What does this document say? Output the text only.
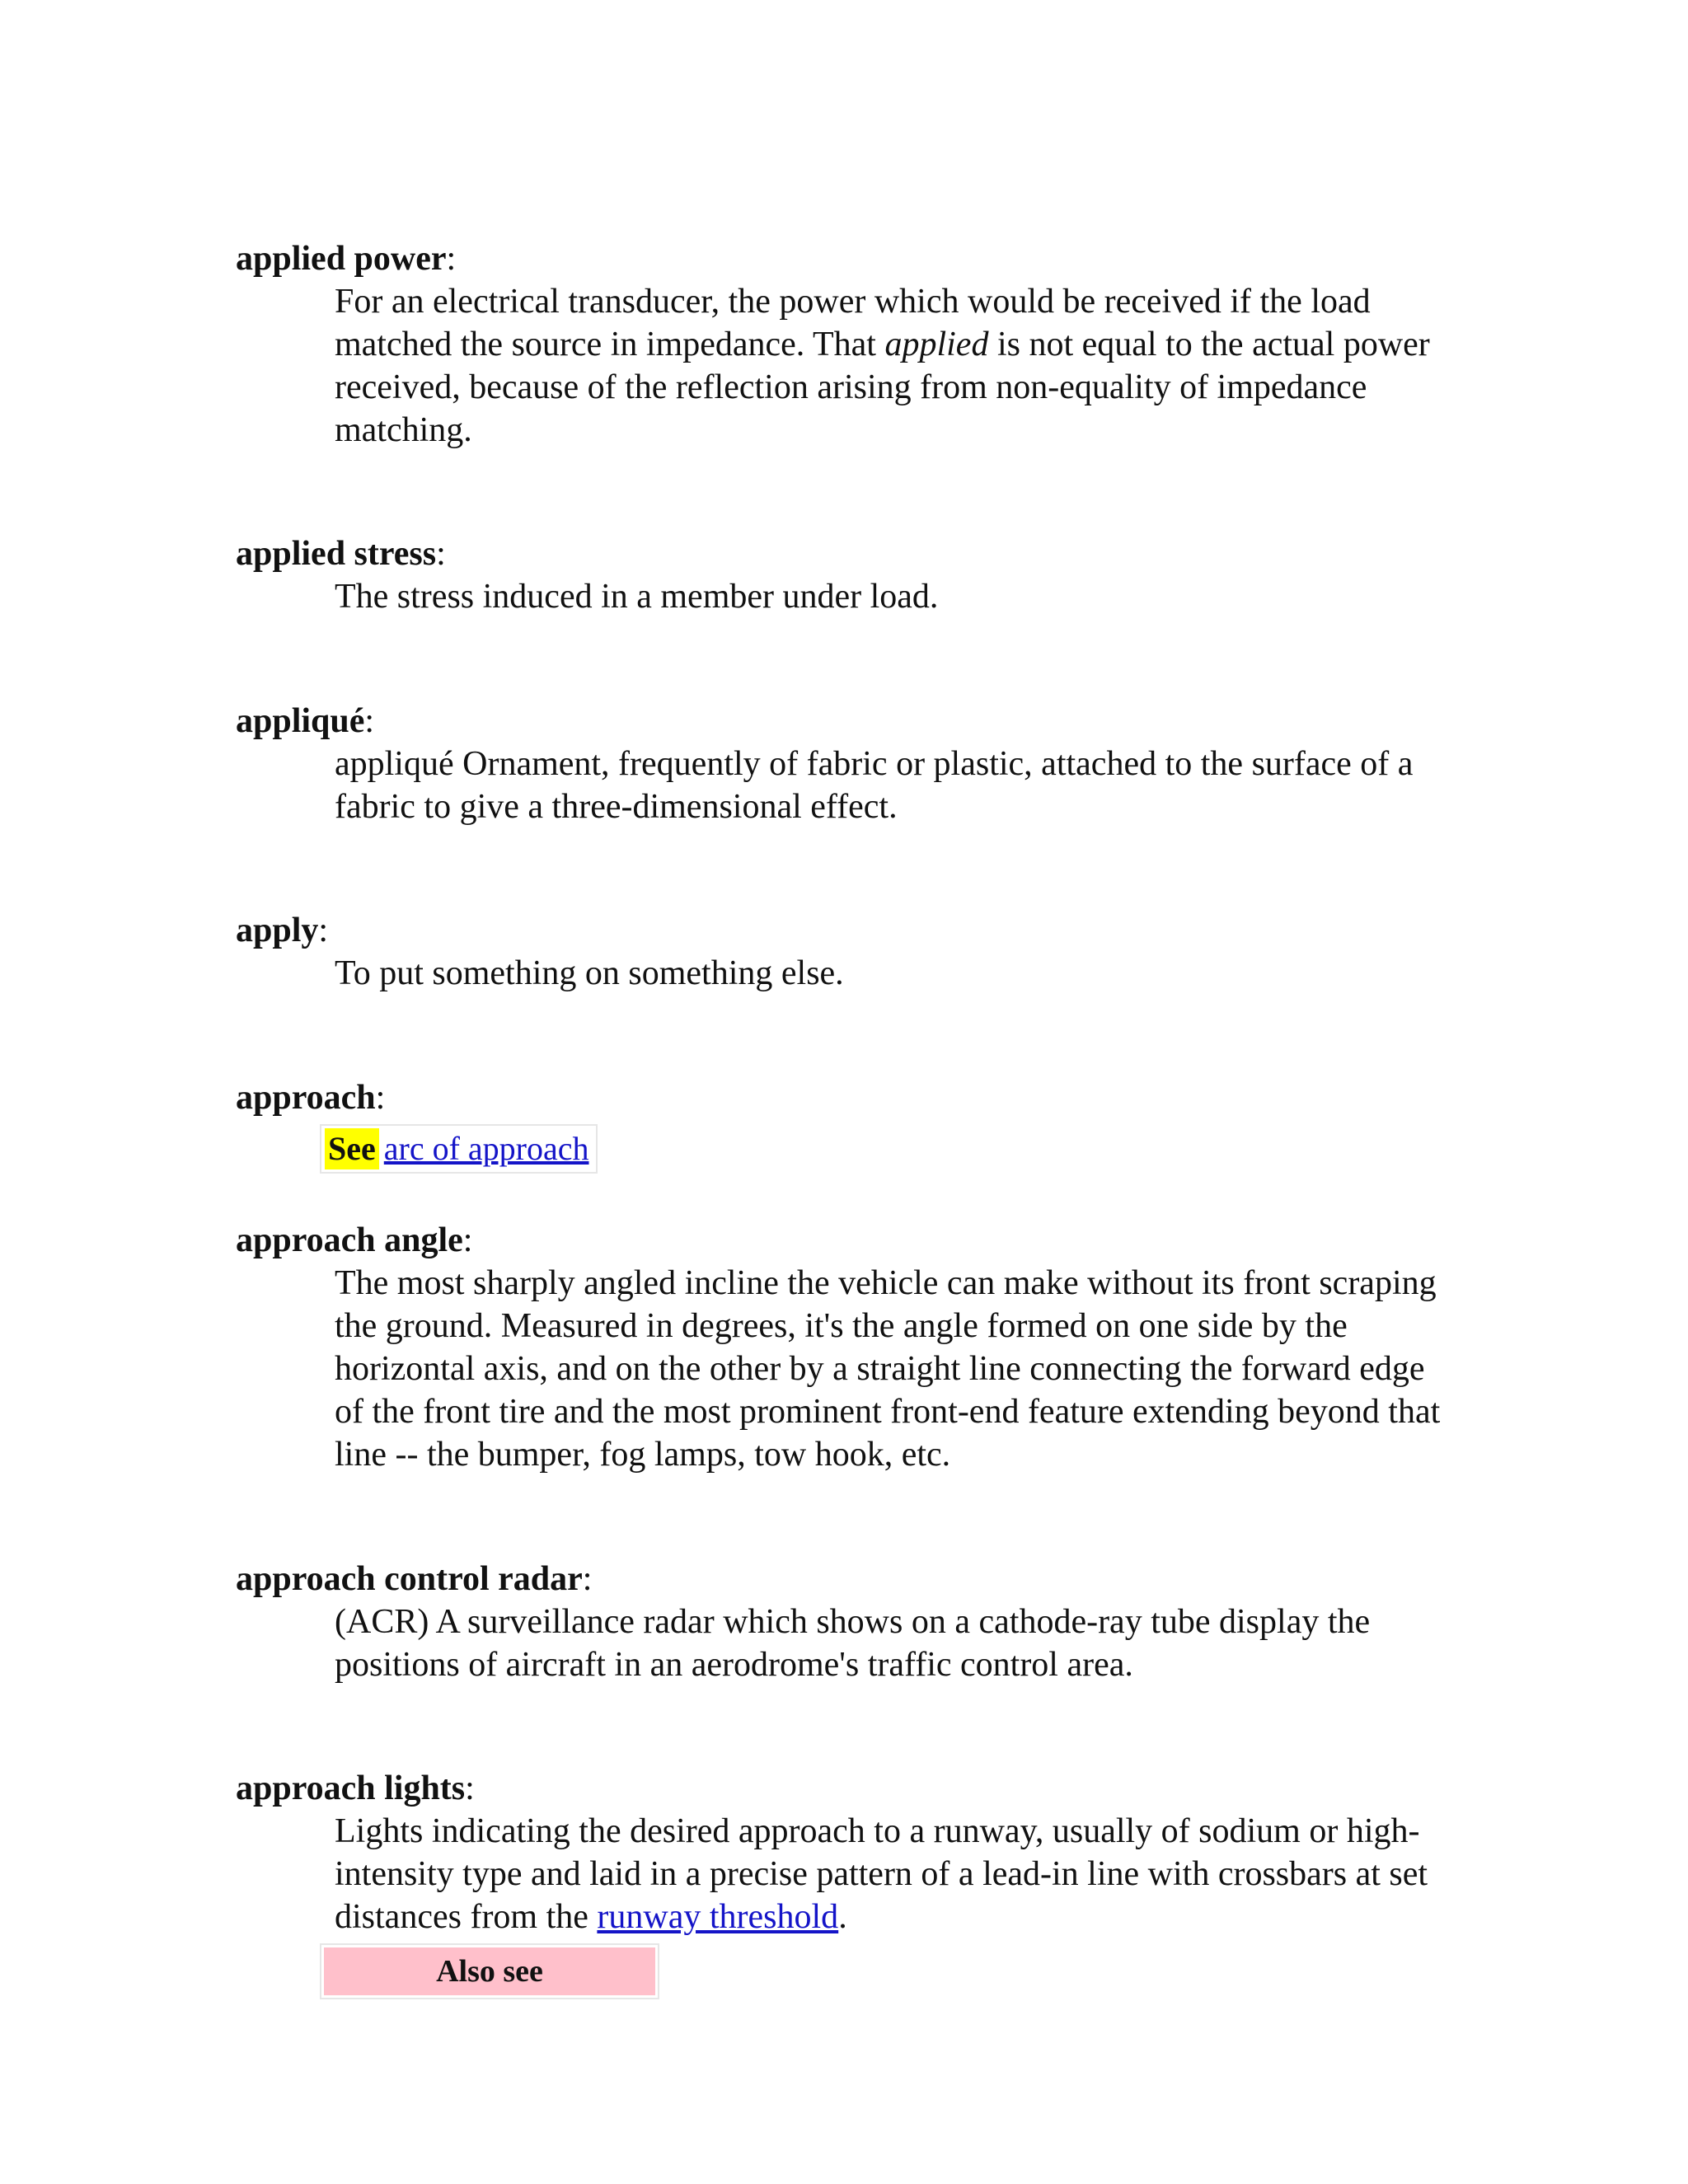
applied power:
For an electrical transducer, the power which would be received if the load matched the source in impedance. That applied is not equal to the actual power received, because of the reflection arising from non-equality of impedance matching.
applied stress:
The stress induced in a member under load.
appliqué:
appliqué Ornament, frequently of fabric or plastic, attached to the surface of a fabric to give a three-dimensional effect.
apply:
To put something on something else.
approach:
See arc of approach
approach angle:
The most sharply angled incline the vehicle can make without its front scraping the ground. Measured in degrees, it's the angle formed on one side by the horizontal axis, and on the other by a straight line connecting the forward edge of the front tire and the most prominent front-end feature extending beyond that line -- the bumper, fog lamps, tow hook, etc.
approach control radar:
(ACR) A surveillance radar which shows on a cathode-ray tube display the positions of aircraft in an aerodrome's traffic control area.
approach lights:
Lights indicating the desired approach to a runway, usually of sodium or high- intensity type and laid in a precise pattern of a lead-in line with crossbars at set distances from the runway threshold.
Also see
